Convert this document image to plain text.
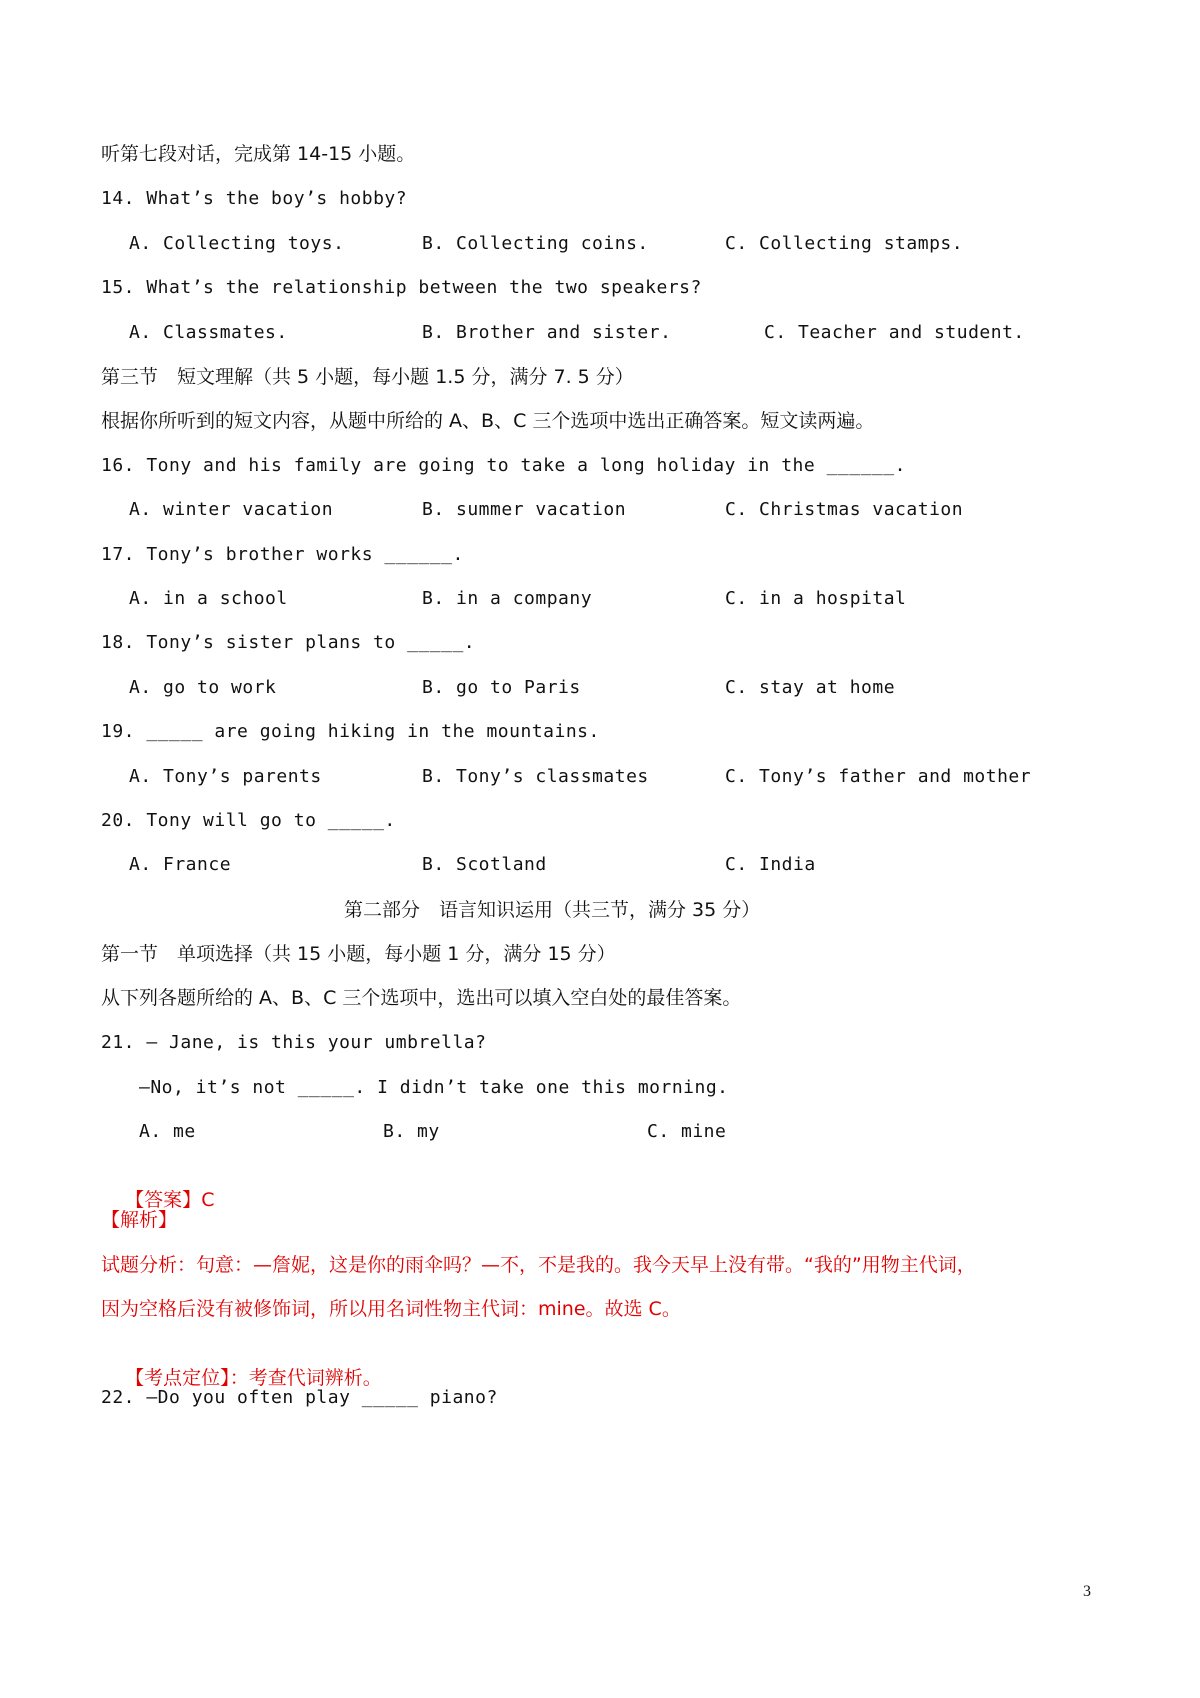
听第七段对话，完成第 14-15 小题。
14. What’s the boy’s hobby?
A. Collecting toys.	B. Collecting coins.	C. Collecting stamps.
15. What’s the relationship between the two speakers?
A. Classmates.	B. Brother and sister.	C. Teacher and student.
第三节　短文理解（共 5 小题，每小题 1.5 分，满分 7. 5 分）
根据你所听到的短文内容，从题中所给的 A、B、C 三个选项中选出正确答案。短文读两遍。
16. Tony and his family are going to take a long holiday in the ______.
A. winter vacation	B. summer vacation	C. Christmas vacation
17. Tony’s brother works ______.
A. in a school	B. in a company	C. in a hospital
18. Tony’s sister plans to _____.
A. go to work	B. go to Paris	C. stay at home
19. _____ are going hiking in the mountains.
A. Tony’s parents	B. Tony’s classmates	C. Tony’s father and mother
20. Tony will go to _____.
A. France	B. Scotland	C. India
第二部分　语言知识运用（共三节，满分 35 分）
第一节　单项选择（共 15 小题，每小题 1 分，满分 15 分）
从下列各题所给的 A、B、C 三个选项中，选出可以填入空白处的最佳答案。
21. — Jane, is this your umbrella?
—No, it’s not _____. I didn’t take one this morning.
A. me	B. my	C. mine

【答案】C

【解析】
试题分析：句意：—詹妮，这是你的雨伞吗？—不，不是我的。我今天早上没有带。“我的”用物主代词，
因为空格后没有被修饰词，所以用名词性物主代词：mine。故选 C。

【考点定位】：考查代词辨析。

22. —Do you often play _____ piano?
3
